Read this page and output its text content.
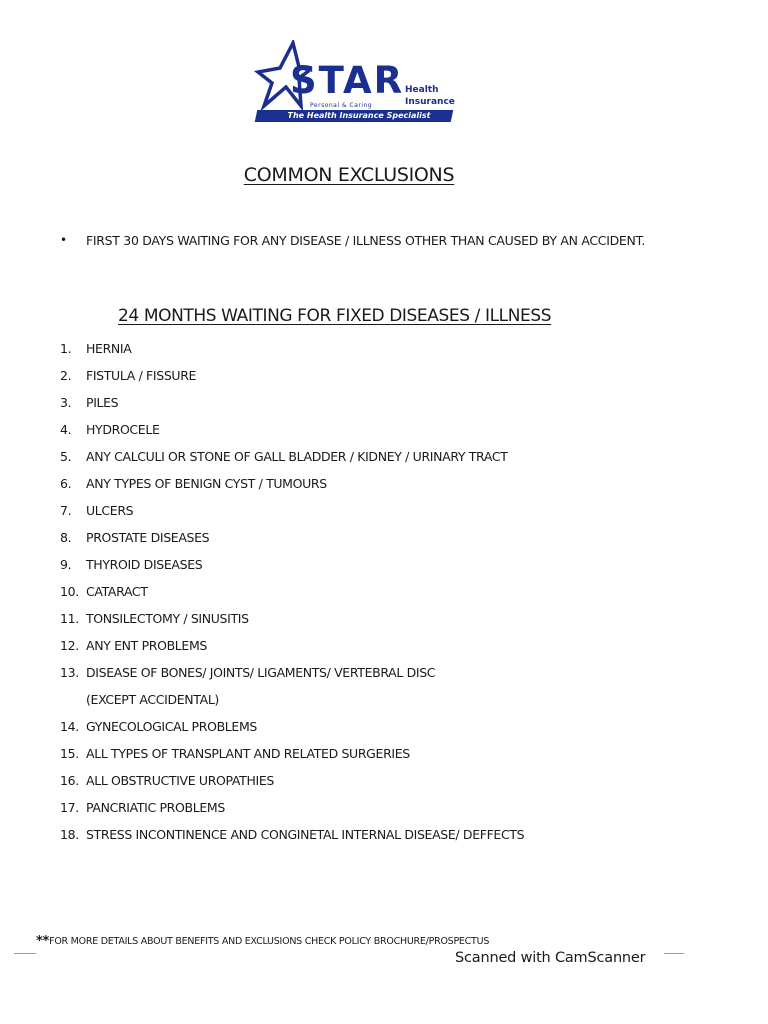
STAR
Personal & Caring
Health
Insurance
The Health Insurance Specialist
COMMON EXCLUSIONS
•	FIRST 30 DAYS WAITING FOR ANY DISEASE / ILLNESS OTHER THAN CAUSED BY AN ACCIDENT.
24 MONTHS WAITING FOR FIXED DISEASES / ILLNESS
1. HERNIA
2. FISTULA / FISSURE
3. PILES
4. HYDROCELE
5. ANY CALCULI OR STONE OF GALL BLADDER / KIDNEY / URINARY TRACT
6. ANY TYPES OF BENIGN CYST / TUMOURS
7. ULCERS
8. PROSTATE DISEASES
9. THYROID DISEASES
10. CATARACT
11. TONSILECTOMY / SINUSITIS
12. ANY ENT PROBLEMS
13. DISEASE OF BONES/ JOINTS/ LIGAMENTS/ VERTEBRAL DISC
(EXCEPT ACCIDENTAL)
14. GYNECOLOGICAL PROBLEMS
15. ALL TYPES OF TRANSPLANT AND RELATED SURGERIES
16. ALL OBSTRUCTIVE UROPATHIES
17. PANCRIATIC PROBLEMS
18. STRESS INCONTINENCE AND CONGINETAL INTERNAL DISEASE/ DEFFECTS
**FOR MORE DETAILS ABOUT BENEFITS AND EXCLUSIONS CHECK POLICY BROCHURE/PROSPECTUS
Scanned with CamScanner
